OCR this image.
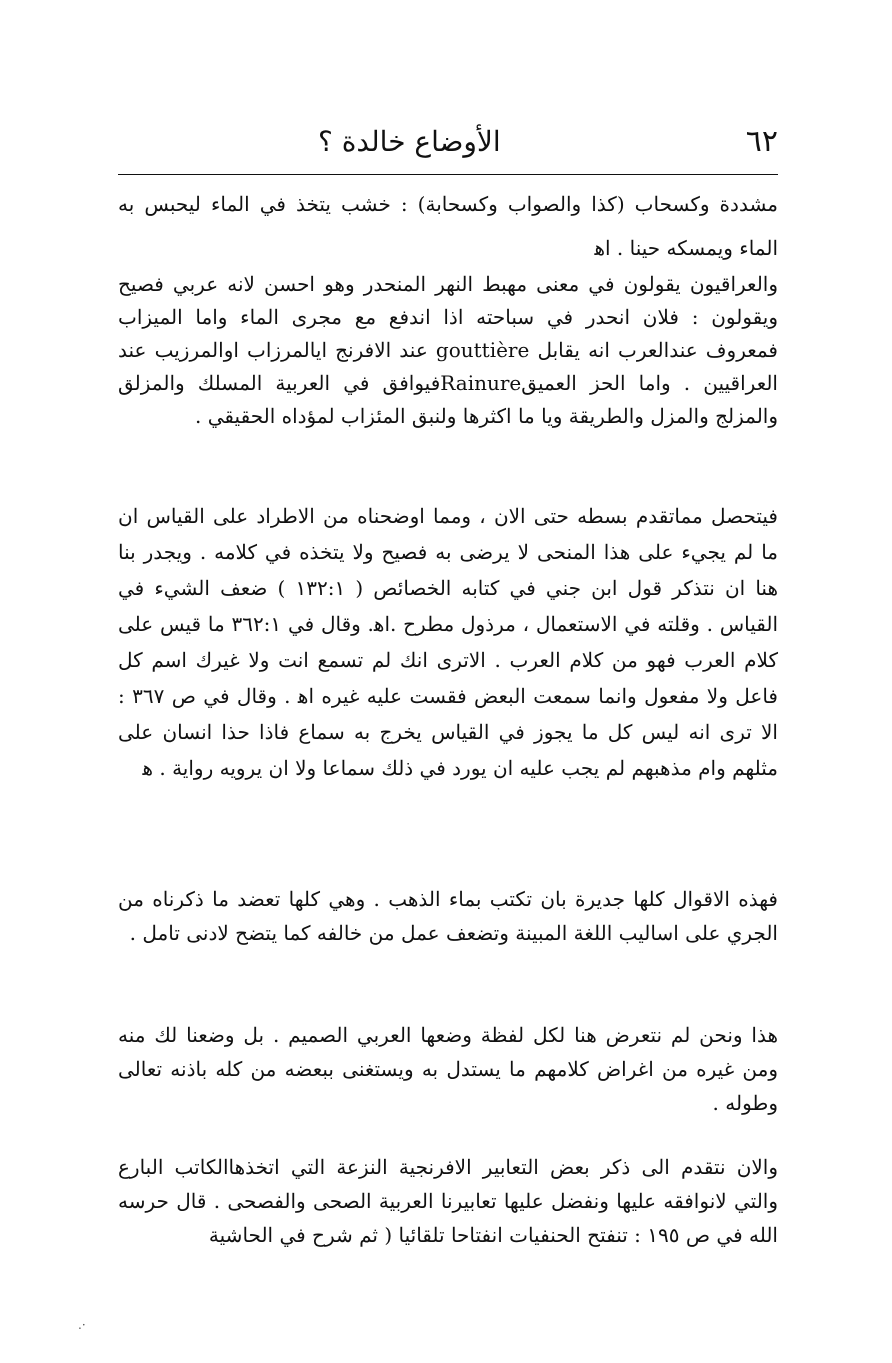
٦٢
الأوضاع خالدة ؟

مشددة وكسحاب (كذا والصواب وكسحابة) : خشب يتخذ في الماء ليحبس به الماء ويمسكه حينا . اﻫ

والعراقيون يقولون في معنى مهبط النهر المنحدر وهو احسن لانه عربي فصيح ويقولون : فلان انحدر في سباحته اذا اندفع مع مجرى الماء واما الميزاب فمعروف عندالعرب انه يقابل gouttière عند الافرنج ايالمرزاب اوالمرزيب عند العراقيين . واما الحز العميقRainureفيوافق في العربية المسلك والمزلق والمزلج والمزل والطريقة ويا ما اكثرها ولنبق المئزاب لمؤداه الحقيقي .

فيتحصل مماتقدم بسطه حتى الان ، ومما اوضحناه من الاطراد على القياس ان ما لم يجيء على هذا المنحى لا يرضى به فصيح ولا يتخذه في كلامه . ويجدر بنا هنا ان نتذكر قول ابن جني في كتابه الخصائص ( ١٣٢:١ ) ضعف الشيء في القياس . وقلته في الاستعمال ، مرذول مطرح .اﻫ. وقال في ٣٦٢:١ ما قيس على كلام العرب فهو من كلام العرب . الاترى انك لم تسمع انت ولا غيرك اسم كل فاعل ولا مفعول وانما سمعت البعض فقست عليه غيره اﻫ . وقال في ص ٣٦٧ : الا ترى انه ليس كل ما يجوز في القياس يخرج به سماع فاذا حذا انسان على مثلهم وام مذهبهم لم يجب عليه ان يورد في ذلك سماعا ولا ان يرويه رواية . ﻫ

فهذه الاقوال كلها جديرة بان تكتب بماء الذهب . وهي كلها تعضد ما ذكرناه من الجري على اساليب اللغة المبينة وتضعف عمل من خالفه كما يتضح لادنى تامل .

هذا ونحن لم نتعرض هنا لكل لفظة وضعها العربي الصميم . بل وضعنا لك منه ومن غيره من اغراض كلامهم ما يستدل به ويستغنى ببعضه من كله باذنه تعالى وطوله .

والان نتقدم الى ذكر بعض التعابير الافرنجية النزعة التي اتخذهاالكاتب البارع والتي لانوافقه عليها ونفضل عليها تعابيرنا العربية الصحى والفصحى . قال حرسه الله في ص ١٩٥ : تنفتح الحنفيات انفتاحا تلقائيا ( ثم شرح في الحاشية

·.
